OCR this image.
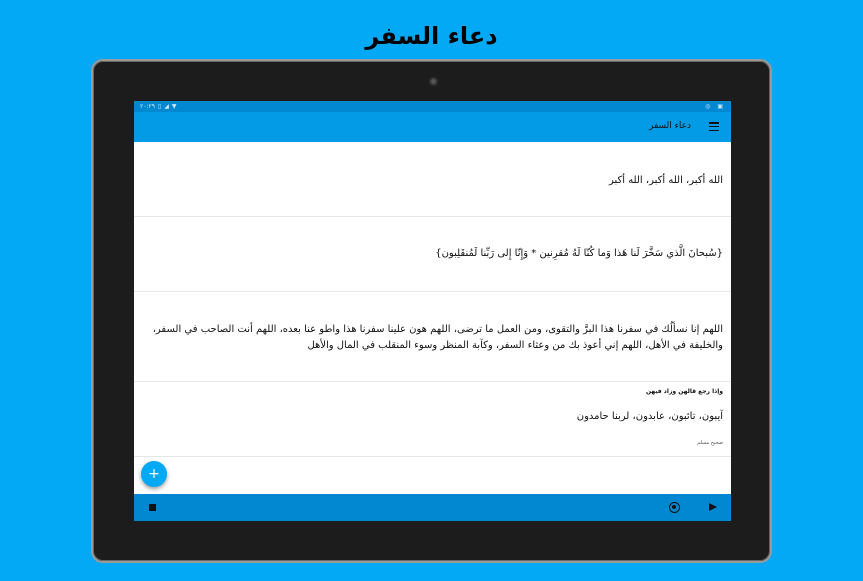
دعاء السفر
٢٠:٢٩ ▯ ◢ ▼	◎ ▣
دعاء السفر
الله أكبر، الله أكبر، الله أكبر
{سُبحانَ الَّذي سَخَّرَ لَنا هَذا وَما كُنّا لَهُ مُقرِنين * وَإِنّا إِلى رَبِّنا لَمُنقَلِبون}
اللهم إنا نسألُك في سفرنا هذا البرَّ والتقوى، ومن العمل ما ترضى، اللهم هون علينا سفرنا هذا واطو عنا بعده، اللهم أنت الصاحب في السفر، والخليفة في الأهل، اللهم إني أعوذ بك من وعثاء السفر، وكآبة المنظر وسوء المنقلب في المال والأهل
وإذا رجع قالهن وزاد فيهن
آيبون، تائبون، عابدون، لربنا حامدون
صحيح مسلم
+
